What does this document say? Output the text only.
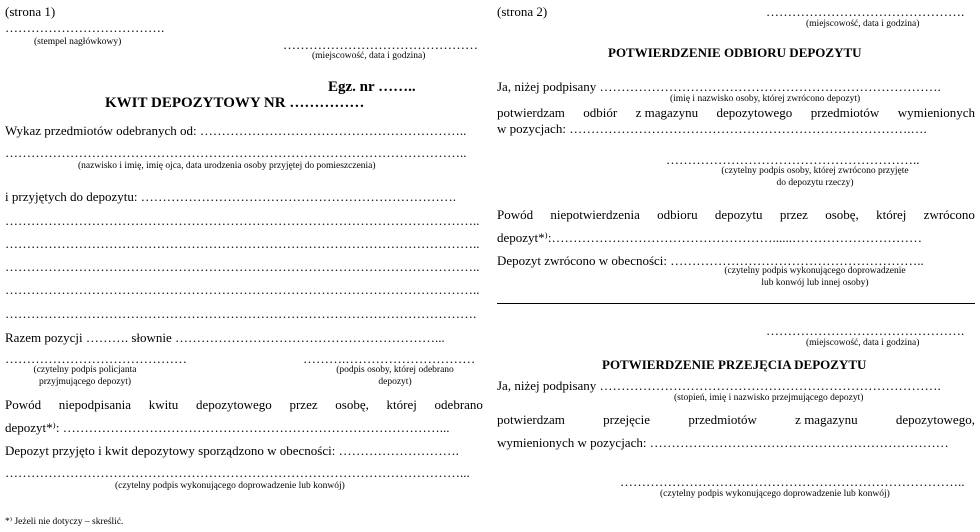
(strona 1)
……………………………….
(stempel nagłówkowy)	………………………………………
(miejscowość, data i godzina)
Egz. nr ……..
KWIT DEPOZYTOWY NR ……………
Wykaz przedmiotów odebranych od: ……………………………………………………..
……………………………………………………………………………………………..
(nazwisko i imię, imię ojca, data urodzenia osoby przyjętej do pomieszczenia)
i przyjętych do depozytu: ……………………………………………………………….
………………………………………………………………………………………………..
………………………………………………………………………………………………..
………………………………………………………………………………………………..
………………………………………………………………………………………………..
……………………………………………………………………………………………….
Razem pozycji ………. słownie ……………………………………………………...
……………………………………
(czytelny podpis policjanta
przyjmującego depozyt)
……….…………………………
(podpis osoby, której odebrano
depozyt)
Powód niepodpisania kwitu depozytowego przez osobę, której odebrano
depozyt*⁾: ……………………………………………………………………………...
Depozyt przyjęto i kwit depozytowy sporządzono w obecności: ……………………….
……………………………………………………………………………………………...
(czytelny podpis wykonującego doprowadzenie lub konwój)
*⁾ Jeżeli nie dotyczy – skreślić.
(strona 2)	……………………………………….
(miejscowość, data i godzina)
POTWIERDZENIE ODBIORU DEPOZYTU
Ja, niżej podpisany …………………………………………………………………….
(imię i nazwisko osoby, której zwrócono depozyt)
potwierdzam odbiór z magazynu depozytowego przedmiotów wymienionych
w pozycjach: …………………………………………………………………….….
…………………………………………………..
(czytelny podpis osoby, której zwrócono przyjęte
do depozytu rzeczy)
Powód niepotwierdzenia odbioru depozytu przez osobę, której zwrócono
depozyt*⁾:……………………………………………......…………………………
Depozyt zwrócono w obecności: …………………………………………………..
(czytelny podpis wykonującego doprowadzenie
lub konwój lub innej osoby)
……………………………………….
(miejscowość, data i godzina)
POTWIERDZENIE PRZEJĘCIA DEPOZYTU
Ja, niżej podpisany …………………………………………………………………….
(stopień, imię i nazwisko przejmującego depozyt)
potwierdzam	przejęcie	przedmiotów	z magazynu	depozytowego,
wymienionych w pozycjach: ……………………………………………………………
……………………………………………………………………..
(czytelny podpis wykonującego doprowadzenie lub konwój)
